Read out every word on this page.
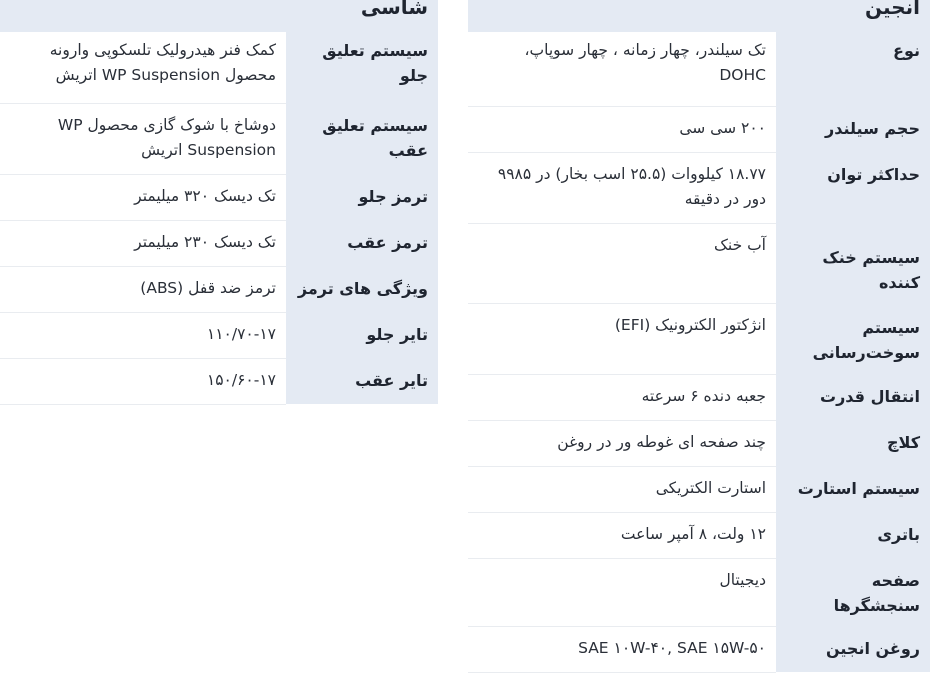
انجین
نوع	تک سیلندر، چهار زمانه ، چهار سوپاپ، DOHC
حجم سیلندر	۲۰۰ سی سی
حداکثر توان	۱۸.۷۷ کیلووات (۲۵.۵ اسب بخار) در ۹۹۸۵ دور در دقیقه
سیستم خنک کننده	آب خنک
سیستم سوخت‌رسانی	انژکتور الکترونیک (EFI)
انتقال قدرت	جعبه دنده ۶ سرعته
کلاچ	چند صفحه ای غوطه ور در روغن
سیستم استارت	استارت الکتریکی
باتری	۱۲ ولت، ۸ آمپر ساعت
صفحه سنجشگرها	دیجیتال
روغن انجین	SAE ۱۰W-۴۰, SAE ۱۵W-۵۰
شاسی
سیستم تعلیق جلو	کمک فنر هیدرولیک تلسکوپی وارونه محصول WP Suspension اتریش
سیستم تعلیق عقب	دوشاخ با شوک گازی محصول WP Suspension اتریش
ترمز جلو	تک دیسک ۳۲۰ میلیمتر
ترمز عقب	تک دیسک ۲۳۰ میلیمتر
ویژگی های ترمز	ترمز ضد قفل (ABS)
تایر جلو	۱۱۰/۷۰-۱۷
تایر عقب	۱۵۰/۶۰-۱۷
